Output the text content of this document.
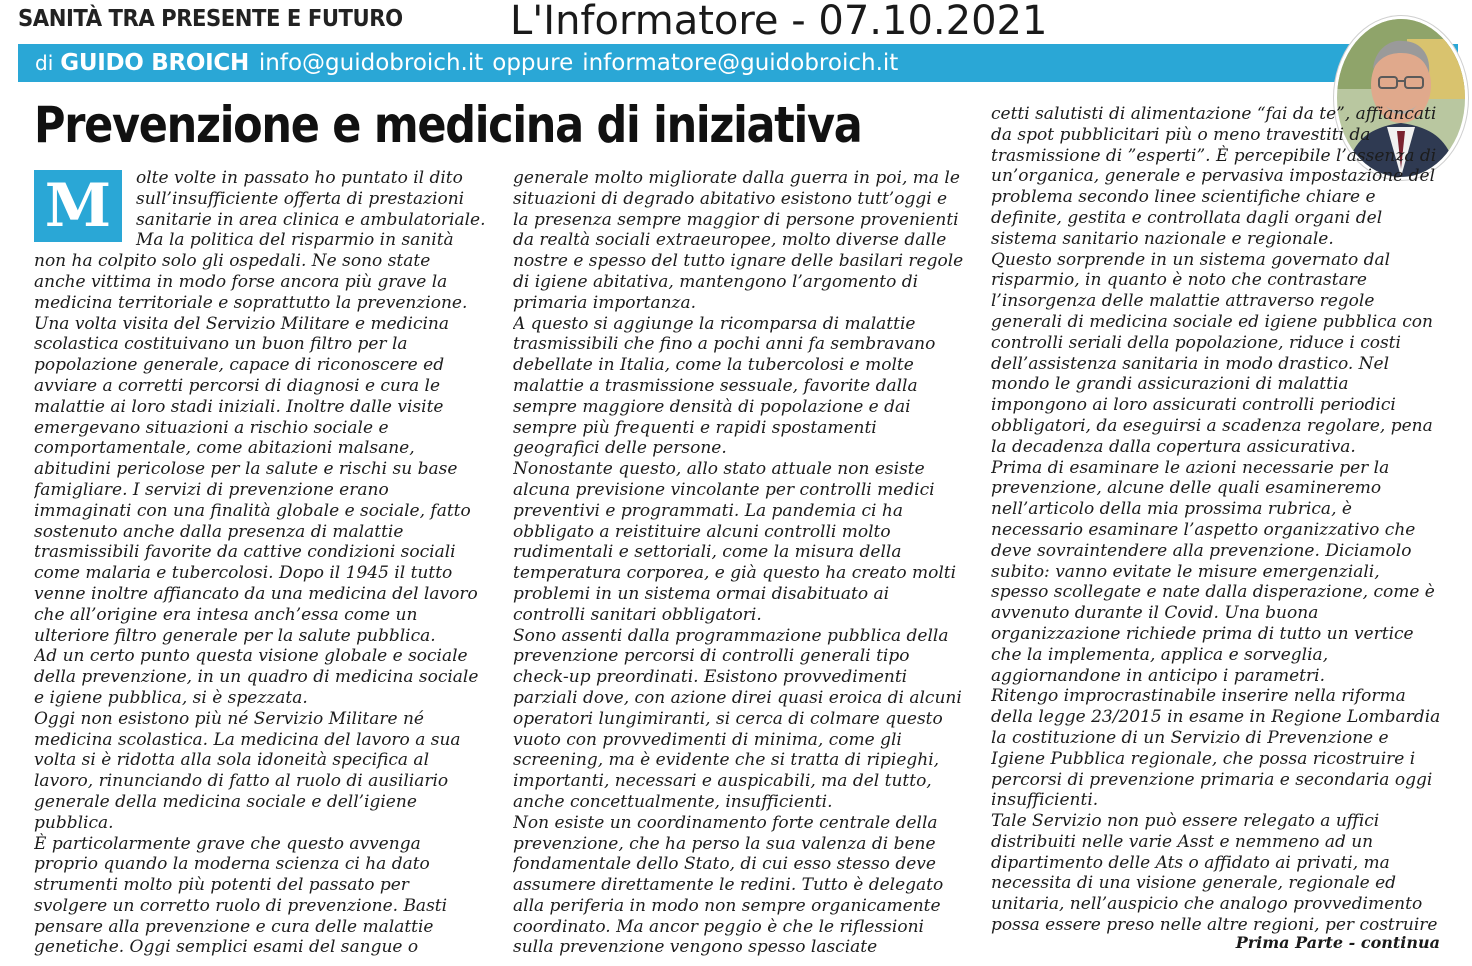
SANITÀ TRA PRESENTE E FUTURO	L'Informatore - 07.10.2021
di GUIDO BROICH info@guidobroich.it oppure informatore@guidobroich.it
Prevenzione e medicina di iniziativa
M	olte volte in passato ho puntato il dito sull’insufficiente offerta di prestazioni sanitarie in area clinica e ambulatoriale. Ma la politica del risparmio in sanità non ha colpito solo gli ospedali. Ne sono state anche vittima in modo forse ancora più grave la medicina territoriale e soprattutto la prevenzione. Una volta visita del Servizio Militare e medicina scolastica costituivano un buon filtro per la popolazione generale, capace di riconoscere ed avviare a corretti percorsi di diagnosi e cura le malattie ai loro stadi iniziali. Inoltre dalle visite emergevano situazioni a rischio sociale e comportamentale, come abitazioni malsane, abitudini pericolose per la salute e rischi su base famigliare. I servizi di prevenzione erano immaginati con una finalità globale e sociale, fatto sostenuto anche dalla presenza di malattie trasmissibili favorite da cattive condizioni sociali come malaria e tubercolosi. Dopo il 1945 il tutto venne inoltre affiancato da una medicina del lavoro che all’origine era intesa anch’essa come un ulteriore filtro generale per la salute pubblica.

Ad un certo punto questa visione globale e sociale della prevenzione, in un quadro di medicina sociale e igiene pubblica, si è spezzata.

Oggi non esistono più né Servizio Militare né medicina scolastica. La medicina del lavoro a sua volta si è ridotta alla sola idoneità specifica al lavoro, rinunciando di fatto al ruolo di ausiliario generale della medicina sociale e dell’igiene pubblica.

È particolarmente grave che questo avvenga proprio quando la moderna scienza ci ha dato strumenti molto più potenti del passato per svolgere un corretto ruolo di prevenzione. Basti pensare alla prevenzione e cura delle malattie genetiche. Oggi semplici esami del sangue o

generale molto migliorate dalla guerra in poi, ma le situazioni di degrado abitativo esistono tutt’oggi e la presenza sempre maggior di persone provenienti da realtà sociali extraeuropee, molto diverse dalle nostre e spesso del tutto ignare delle basilari regole di igiene abitativa, mantengono l’argomento di primaria importanza.

A questo si aggiunge la ricomparsa di malattie trasmissibili che fino a pochi anni fa sembravano debellate in Italia, come la tubercolosi e molte malattie a trasmissione sessuale, favorite dalla sempre maggiore densità di popolazione e dai sempre più frequenti e rapidi spostamenti geografici delle persone.

Nonostante questo, allo stato attuale non esiste alcuna previsione vincolante per controlli medici preventivi e programmati. La pandemia ci ha obbligato a reistituire alcuni controlli molto rudimentali e settoriali, come la misura della temperatura corporea, e già questo ha creato molti problemi in un sistema ormai disabituato ai controlli sanitari obbligatori.

Sono assenti dalla programmazione pubblica della prevenzione percorsi di controlli generali tipo check-up preordinati. Esistono provvedimenti parziali dove, con azione direi quasi eroica di alcuni operatori lungimiranti, si cerca di colmare questo vuoto con provvedimenti di minima, come gli screening, ma è evidente che si tratta di ripieghi, importanti, necessari e auspicabili, ma del tutto, anche concettualmente, insufficienti.

Non esiste un coordinamento forte centrale della prevenzione, che ha perso la sua valenza di bene fondamentale dello Stato, di cui esso stesso deve assumere direttamente le redini. Tutto è delegato alla periferia in modo non sempre organicamente coordinato. Ma ancor peggio è che le riflessioni sulla prevenzione vengono spesso lasciate

cetti salutisti di alimentazione “fai da te”, affiancati da spot pubblicitari più o meno travestiti da trasmissione di ”esperti”. È percepibile l’assenza di un’organica, generale e pervasiva impostazione del problema secondo linee scientifiche chiare e definite, gestita e controllata dagli organi del sistema sanitario nazionale e regionale.

Questo sorprende in un sistema governato dal risparmio, in quanto è noto che contrastare l’insorgenza delle malattie attraverso regole generali di medicina sociale ed igiene pubblica con controlli seriali della popolazione, riduce i costi dell’assistenza sanitaria in modo drastico. Nel mondo le grandi assicurazioni di malattia impongono ai loro assicurati controlli periodici obbligatori, da eseguirsi a scadenza regolare, pena la decadenza dalla copertura assicurativa.

Prima di esaminare le azioni necessarie per la prevenzione, alcune delle quali esamineremo nell’articolo della mia prossima rubrica, è necessario esaminare l’aspetto organizzativo che deve sovraintendere alla prevenzione. Diciamolo subito: vanno evitate le misure emergenziali, spesso scollegate e nate dalla disperazione, come è avvenuto durante il Covid. Una buona organizzazione richiede prima di tutto un vertice che la implementa, applica e sorveglia, aggiornandone in anticipo i parametri.

Ritengo improcrastinabile inserire nella riforma della legge 23/2015 in esame in Regione Lombardia la costituzione di un Servizio di Prevenzione e Igiene Pubblica regionale, che possa ricostruire i percorsi di prevenzione primaria e secondaria oggi insufficienti.

Tale Servizio non può essere relegato a uffici distribuiti nelle varie Asst e nemmeno ad un dipartimento delle Ats o affidato ai privati, ma necessita di una visione generale, regionale ed unitaria, nell’auspicio che analogo provvedimento possa essere preso nelle altre regioni, per costruire

Prima Parte - continua
